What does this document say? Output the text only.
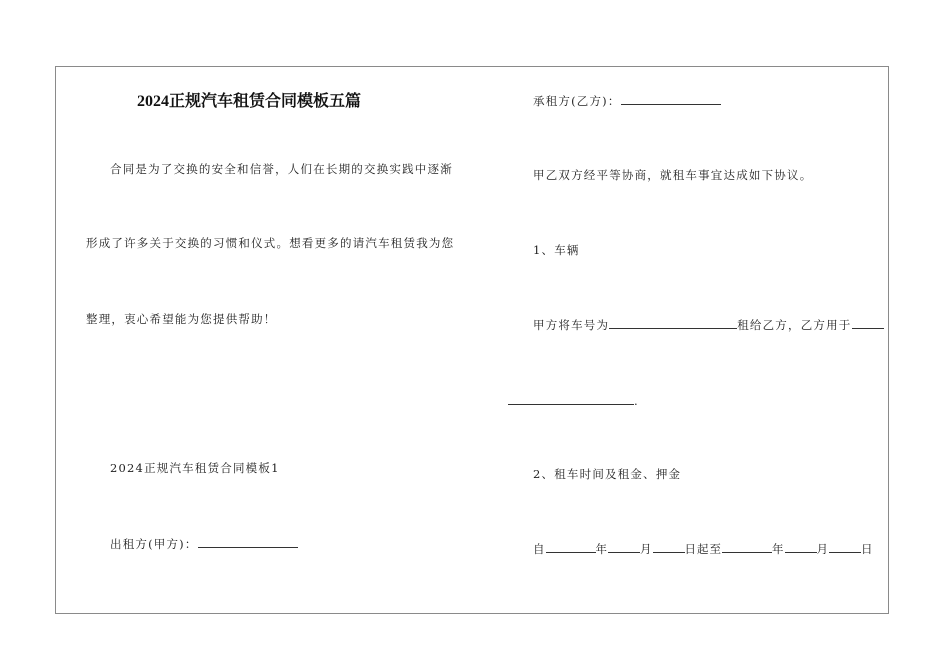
2024正规汽车租赁合同模板五篇
合同是为了交换的安全和信誉，人们在长期的交换实践中逐渐
形成了许多关于交换的习惯和仪式。想看更多的请汽车租赁我为您
整理，衷心希望能为您提供帮助！
2024正规汽车租赁合同模板1
出租方(甲方)：
承租方(乙方)：
甲乙双方经平等协商，就租车事宜达成如下协议。
1、车辆
甲方将车号为	租给乙方，乙方用于
.
2、租车时间及租金、押金
自	年	月	日起至	年	月	日
